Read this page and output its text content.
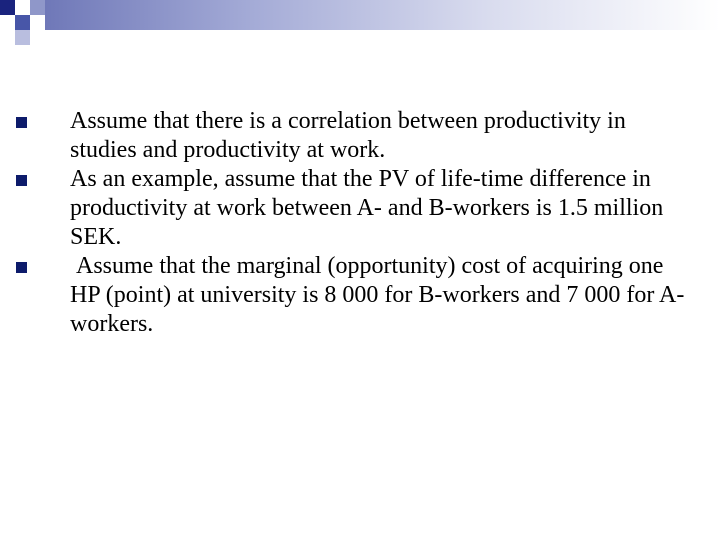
Assume that there is a correlation between productivity in studies and productivity at work.
As an example, assume that the PV of life-time difference in productivity at work between A- and B-workers is 1.5 million SEK.
Assume that the marginal (opportunity) cost of acquiring one HP (point) at university is 8 000 for B-workers and 7 000 for A-workers.
